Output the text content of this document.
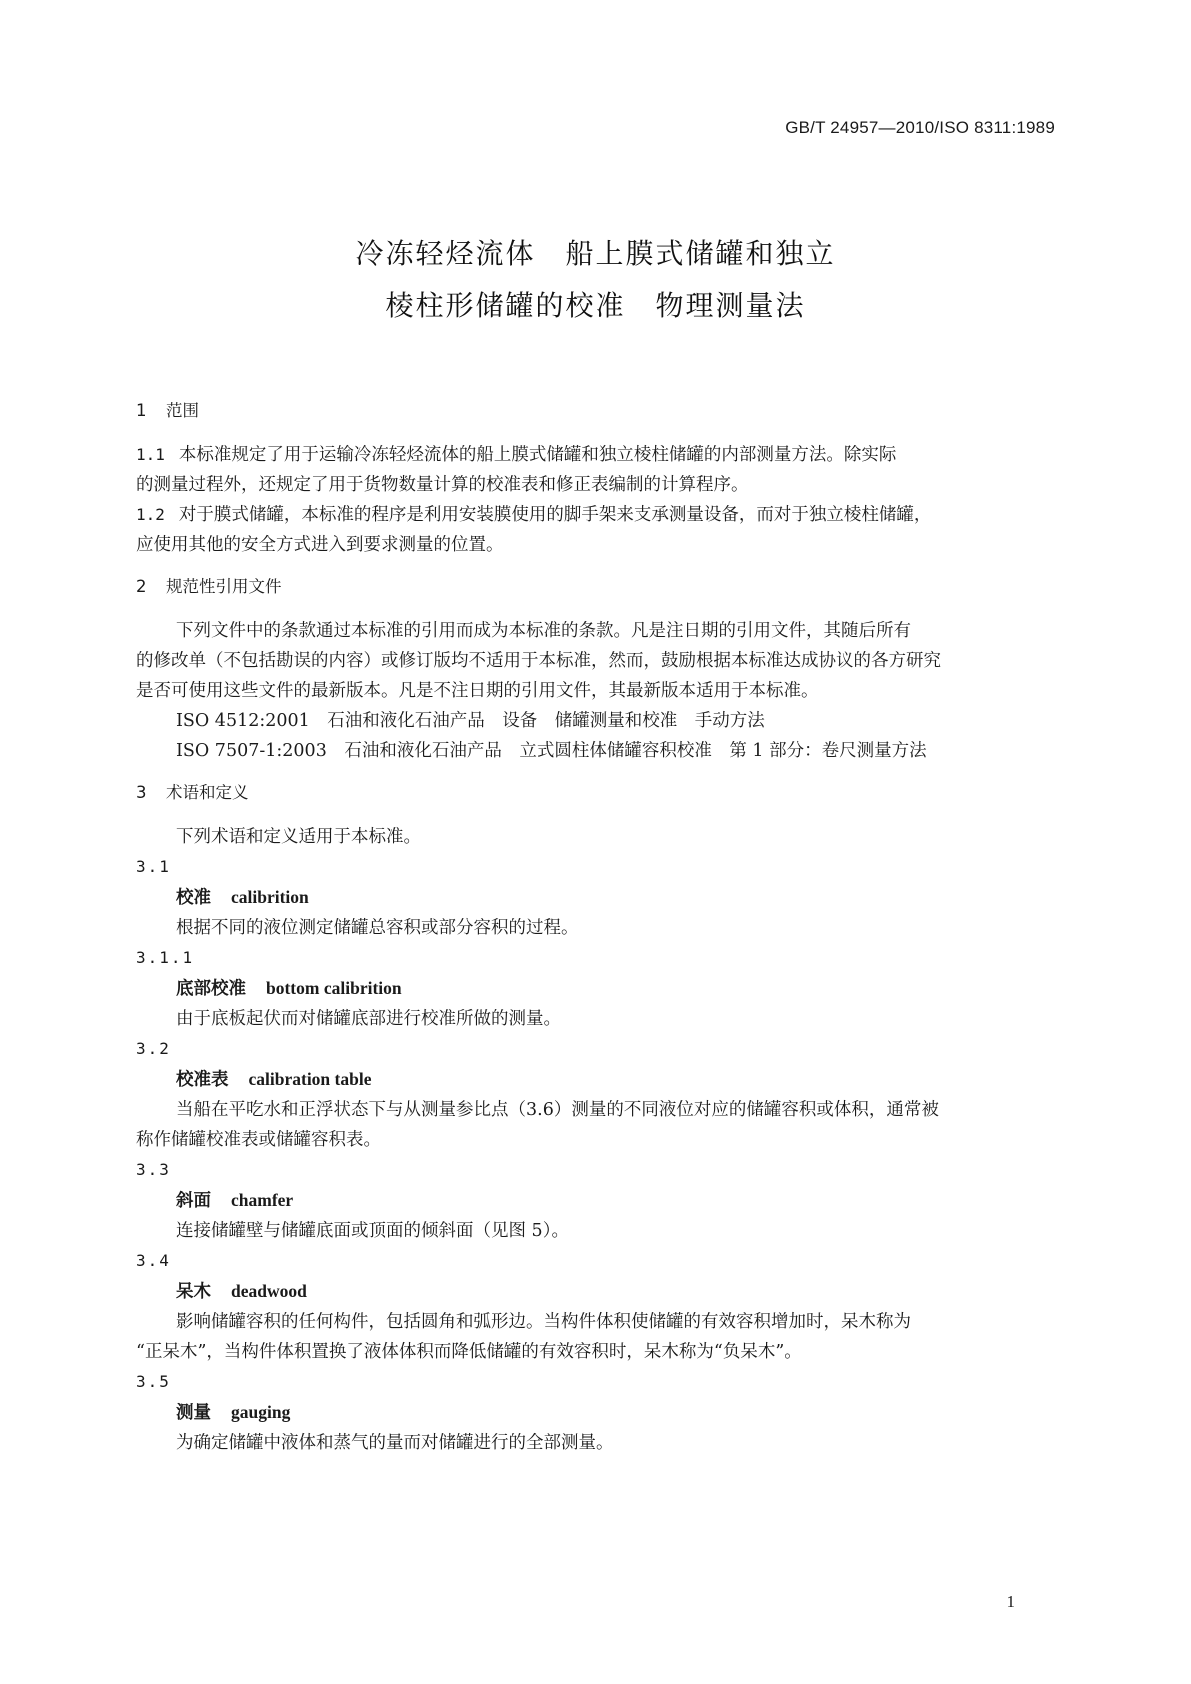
GB/T 24957—2010/ISO 8311:1989
冷冻轻烃流体　船上膜式储罐和独立
棱柱形储罐的校准　物理测量法
1 范围
1.1 本标准规定了用于运输冷冻轻烃流体的船上膜式储罐和独立棱柱储罐的内部测量方法。除实际
的测量过程外，还规定了用于货物数量计算的校准表和修正表编制的计算程序。
1.2 对于膜式储罐，本标准的程序是利用安装膜使用的脚手架来支承测量设备，而对于独立棱柱储罐，
应使用其他的安全方式进入到要求测量的位置。
2 规范性引用文件
下列文件中的条款通过本标准的引用而成为本标准的条款。凡是注日期的引用文件，其随后所有
的修改单（不包括勘误的内容）或修订版均不适用于本标准，然而，鼓励根据本标准达成协议的各方研究
是否可使用这些文件的最新版本。凡是不注日期的引用文件，其最新版本适用于本标准。
ISO 4512:2001　石油和液化石油产品　设备　储罐测量和校准　手动方法
ISO 7507-1:2003　石油和液化石油产品　立式圆柱体储罐容积校准　第 1 部分：卷尺测量方法
3 术语和定义
下列术语和定义适用于本标准。
3.1
校准 calibrition
根据不同的液位测定储罐总容积或部分容积的过程。
3.1.1
底部校准 bottom calibrition
由于底板起伏而对储罐底部进行校准所做的测量。
3.2
校准表 calibration table
当船在平吃水和正浮状态下与从测量参比点（3.6）测量的不同液位对应的储罐容积或体积，通常被
称作储罐校准表或储罐容积表。
3.3
斜面 chamfer
连接储罐壁与储罐底面或顶面的倾斜面（见图 5）。
3.4
呆木 deadwood
影响储罐容积的任何构件，包括圆角和弧形边。当构件体积使储罐的有效容积增加时，呆木称为
“正呆木”，当构件体积置换了液体体积而降低储罐的有效容积时，呆木称为“负呆木”。
3.5
测量 gauging
为确定储罐中液体和蒸气的量而对储罐进行的全部测量。
1
